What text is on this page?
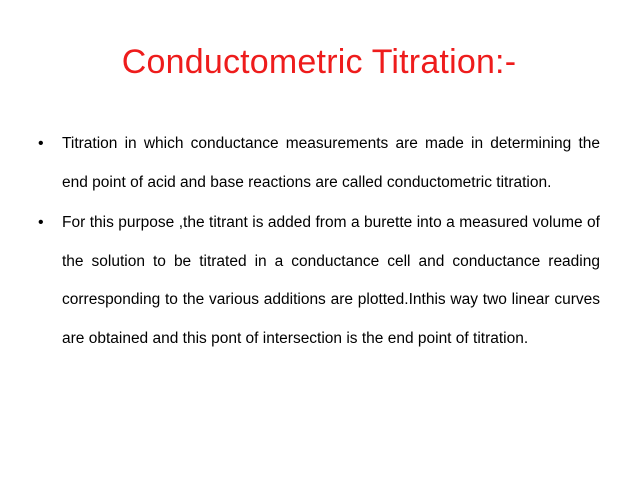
Conductometric Titration:-
•	Titration in which conductance measurements are made in determining the end point of acid and base reactions are called conductometric titration.
•	For this purpose ,the titrant is added from a burette into a measured volume of the solution to be titrated in a conductance cell and conductance reading corresponding to the various additions are plotted.Inthis way two linear curves are obtained and this pont of intersection is the end point of titration.
